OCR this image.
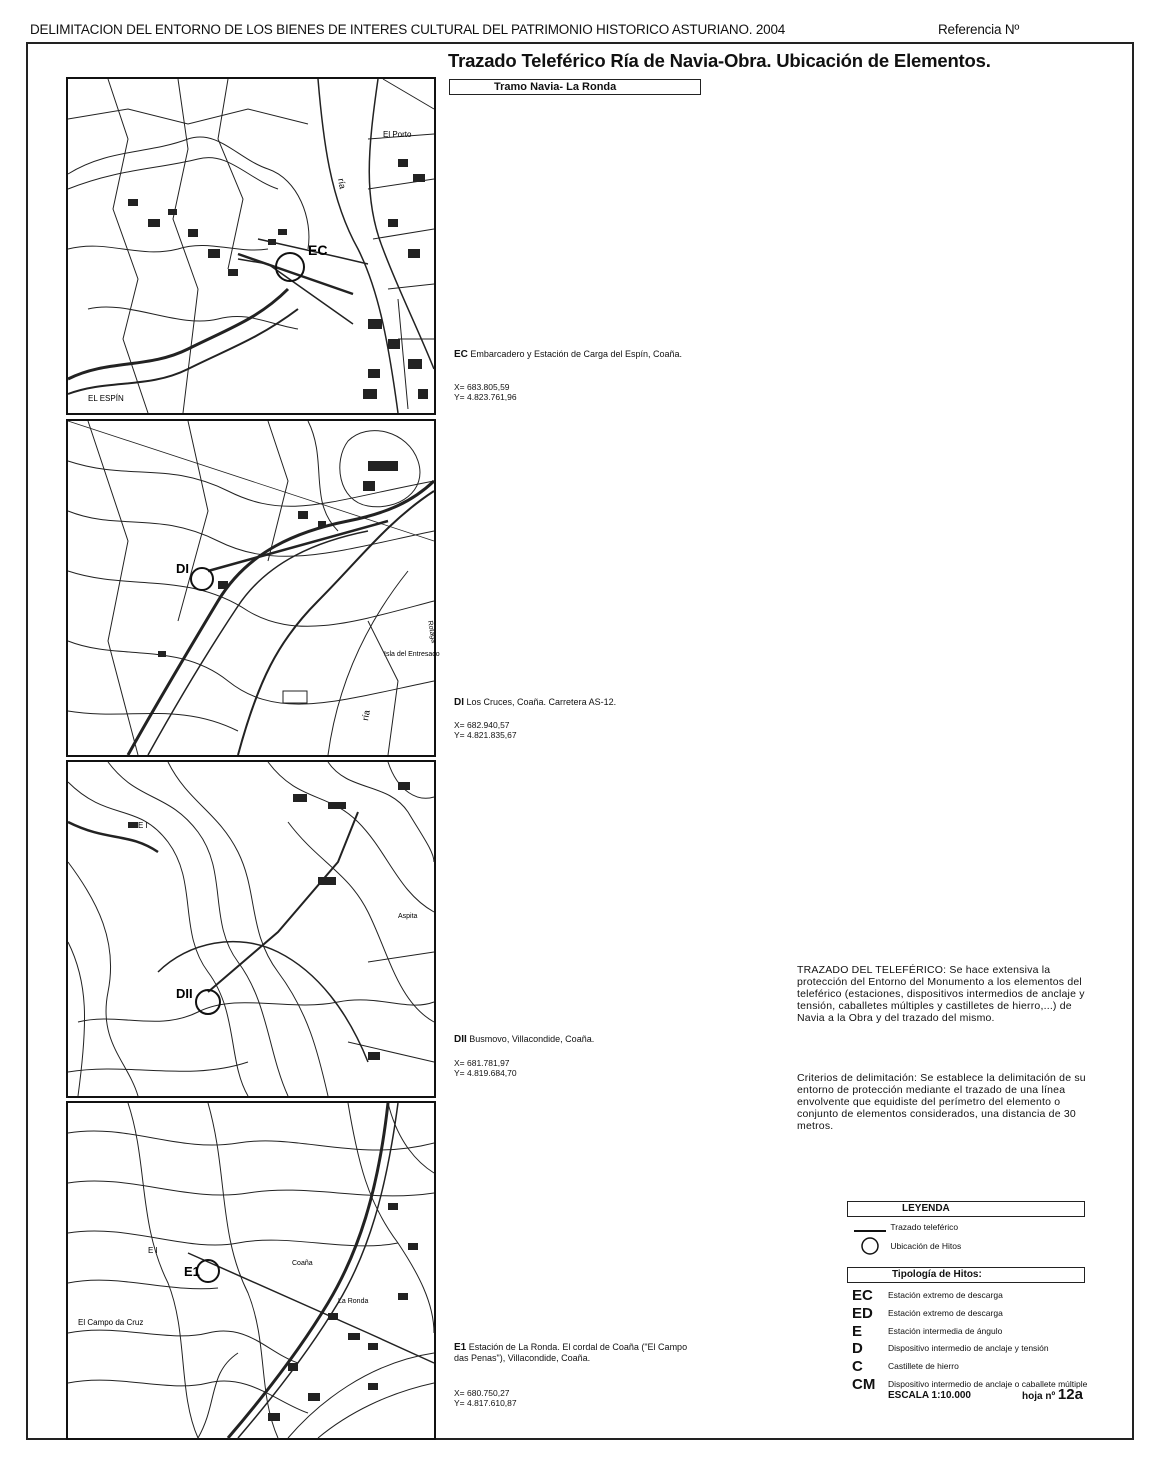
DELIMITACION DEL ENTORNO DE LOS BIENES DE INTERES CULTURAL DEL PATRIMONIO HISTORICO ASTURIANO. 2004	Referencia Nº
Trazado Teleférico Ría de Navia-Obra. Ubicación de Elementos.
Tramo Navia- La Ronda
EC
El Porto
ría
EL ESPÍN
DI
Isla del Entresaco
ría
Rotaga
DII
Aspita
E I
E1
E I
El Campo da Cruz
Coaña
La Ronda
EC Embarcadero y Estación de Carga del Espín, Coaña.
X= 683.805,59
Y= 4.823.761,96
DI Los Cruces, Coaña. Carretera AS-12.
X= 682.940,57
Y= 4.821.835,67
DII Busmovo, Villacondide, Coaña.
X= 681.781,97
Y= 4.819.684,70
E1 Estación de La Ronda. El cordal de Coaña ("El Campo das Penas"), Villacondide, Coaña.
X= 680.750,27
Y= 4.817.610,87
TRAZADO DEL TELEFÉRICO: Se hace extensiva la protección del Entorno del Monumento a los elementos del teleférico (estaciones, dispositivos intermedios de anclaje y tensión, caballetes múltiples y castilletes de hierro,...) de Navia a la Obra y del trazado del mismo.
Criterios de delimitación: Se establece la delimitación de su entorno de protección mediante el trazado de una línea envolvente que equidiste del perímetro del elemento o conjunto de elementos considerados, una distancia de 30 metros.
LEYENDA
Trazado teleférico
Ubicación de Hitos
Tipología de Hitos:
EC Estación extremo de descarga
ED Estación extremo de descarga
E	Estación intermedia de ángulo
D	Dispositivo intermedio de anclaje y tensión
C	Castillete de hierro
CM Dispositivo intermedio de anclaje o caballete múltiple
ESCALA 1:10.000	hoja nº 12a
